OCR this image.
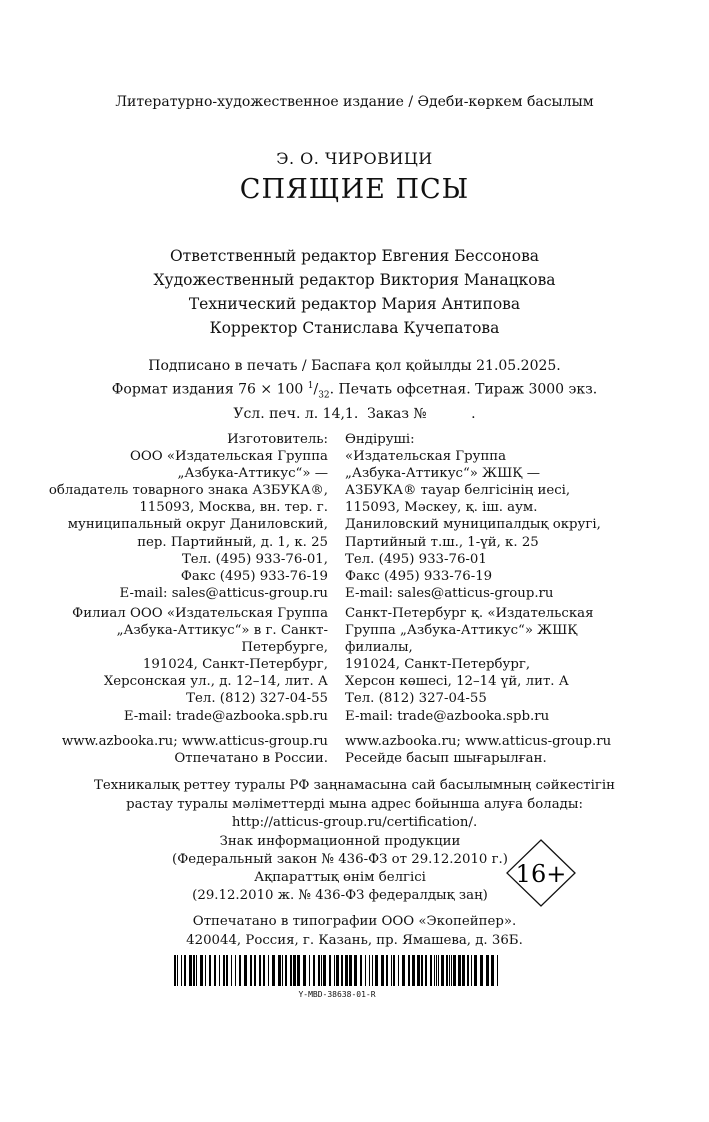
Литературно-художественное издание / Әдеби-көркем басылым
Э. О. ЧИРОВИЦИ
СПЯЩИЕ ПСЫ
Ответственный редактор Евгения Бессонова
Художественный редактор Виктория Манацкова
Технический редактор Мария Антипова
Корректор Станислава Кучепатова
Подписано в печать / Баспаға қол қойылды 21.05.2025.
Формат издания 76 × 100 $^1/_{32}$. Печать офсетная. Тираж 3000 экз.
Усл. печ. л. 14,1.  Заказ №          .
Изготовитель:
ООО «Издательская Группа
„Азбука-Аттикус“» —
обладатель товарного знака АЗБУКА®,
115093, Москва, вн. тер. г.
муниципальный округ Даниловский,
пер. Партийный, д. 1, к. 25
Тел. (495) 933-76-01,
Факс (495) 933-76-19
E-mail: sales@atticus-group.ru
Өндіруші:
«Издательская Группа
„Азбука-Аттикус“» ЖШҚ —
АЗБУКА® тауар белгісінің иесі,
115093, Мәскеу, қ. іш. аум.
Даниловский муниципалдық округі,
Партийный т.ш., 1-үй, к. 25
Тел. (495) 933-76-01
Факс (495) 933-76-19
E-mail: sales@atticus-group.ru
Филиал ООО «Издательская Группа
„Азбука-Аттикус“» в г. Санкт-
Петербурге,
191024, Санкт-Петербург,
Херсонская ул., д. 12–14, лит. А
Тел. (812) 327-04-55
E-mail: trade@azbooka.spb.ru
Санкт-Петербург қ. «Издательская
Группа „Азбука-Аттикус“» ЖШҚ
филиалы,
191024, Санкт-Петербург,
Херсон көшесі, 12–14 үй, лит. А
Тел. (812) 327-04-55
E-mail: trade@azbooka.spb.ru
www.azbooka.ru; www.atticus-group.ru
Отпечатано в России.
www.azbooka.ru; www.atticus-group.ru
Ресейде басып шығарылған.
Техникалық реттеу туралы РФ заңнамасына сай басылымның сәйкестігін
растау туралы мәліметтерді мына адрес бойынша алуға болады:
http://atticus-group.ru/certification/.
Знак информационной продукции
(Федеральный закон № 436-ФЗ от 29.12.2010 г.)
Ақпараттық өнім белгісі
(29.12.2010 ж. № 436-ФЗ федералдық заң)
16+
Отпечатано в типографии ООО «Экопейпер».
420044, Россия, г. Казань, пр. Ямашева, д. 36Б.
Y-MBD-38638-01-R
